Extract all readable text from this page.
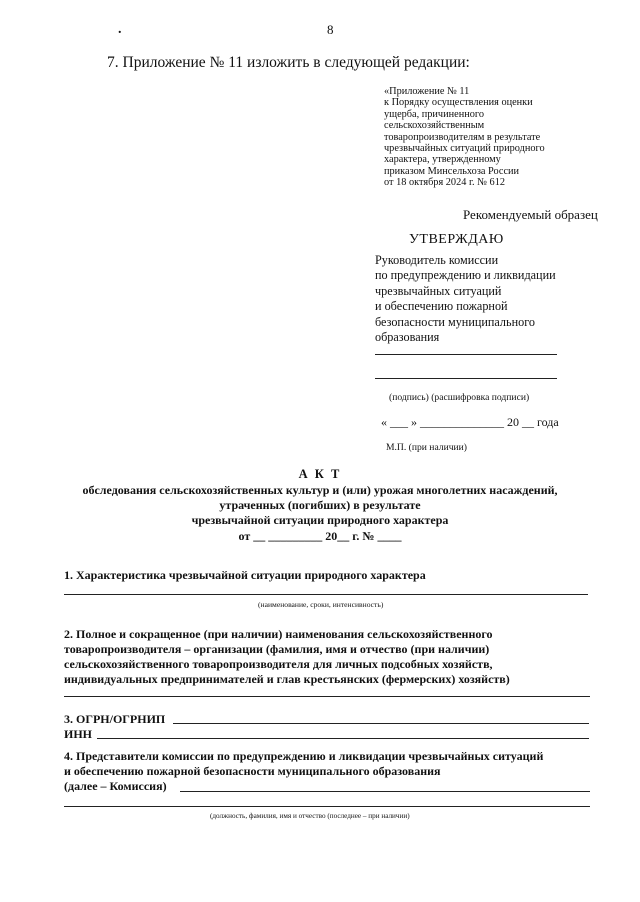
.	8
7. Приложение № 11 изложить в следующей редакции:
«Приложение № 11
к Порядку осуществления оценки
ущерба, причиненного
сельскохозяйственным
товаропроизводителям в результате
чрезвычайных ситуаций природного
характера, утвержденному
приказом Минсельхоза России
от 18 октября 2024 г. № 612
Рекомендуемый образец
УТВЕРЖДАЮ
Руководитель комиссии
по предупреждению и ликвидации
чрезвычайных ситуаций
и обеспечению пожарной
безопасности муниципального
образования
(подпись) (расшифровка подписи)
« ___ » ______________ 20 __ года
М.П. (при наличии)
А К Т
обследования сельскохозяйственных культур и (или) урожая многолетних насаждений,
утраченных (погибших) в результате
чрезвычайной ситуации природного характера
от __ _________ 20__ г. № ____
1. Характеристика чрезвычайной ситуации природного характера
(наименование, сроки, интенсивность)
2. Полное и сокращенное (при наличии) наименования сельскохозяйственного
товаропроизводителя – организации (фамилия, имя и отчество (при наличии)
сельскохозяйственного товаропроизводителя для личных подсобных хозяйств,
индивидуальных предпринимателей и глав крестьянских (фермерских) хозяйств)
3. ОГРН/ОГРНИП
ИНН
4. Представители комиссии по предупреждению и ликвидации чрезвычайных ситуаций
и обеспечению пожарной безопасности муниципального образования
(далее – Комиссия)
(должность, фамилия, имя и отчество (последнее – при наличии)
